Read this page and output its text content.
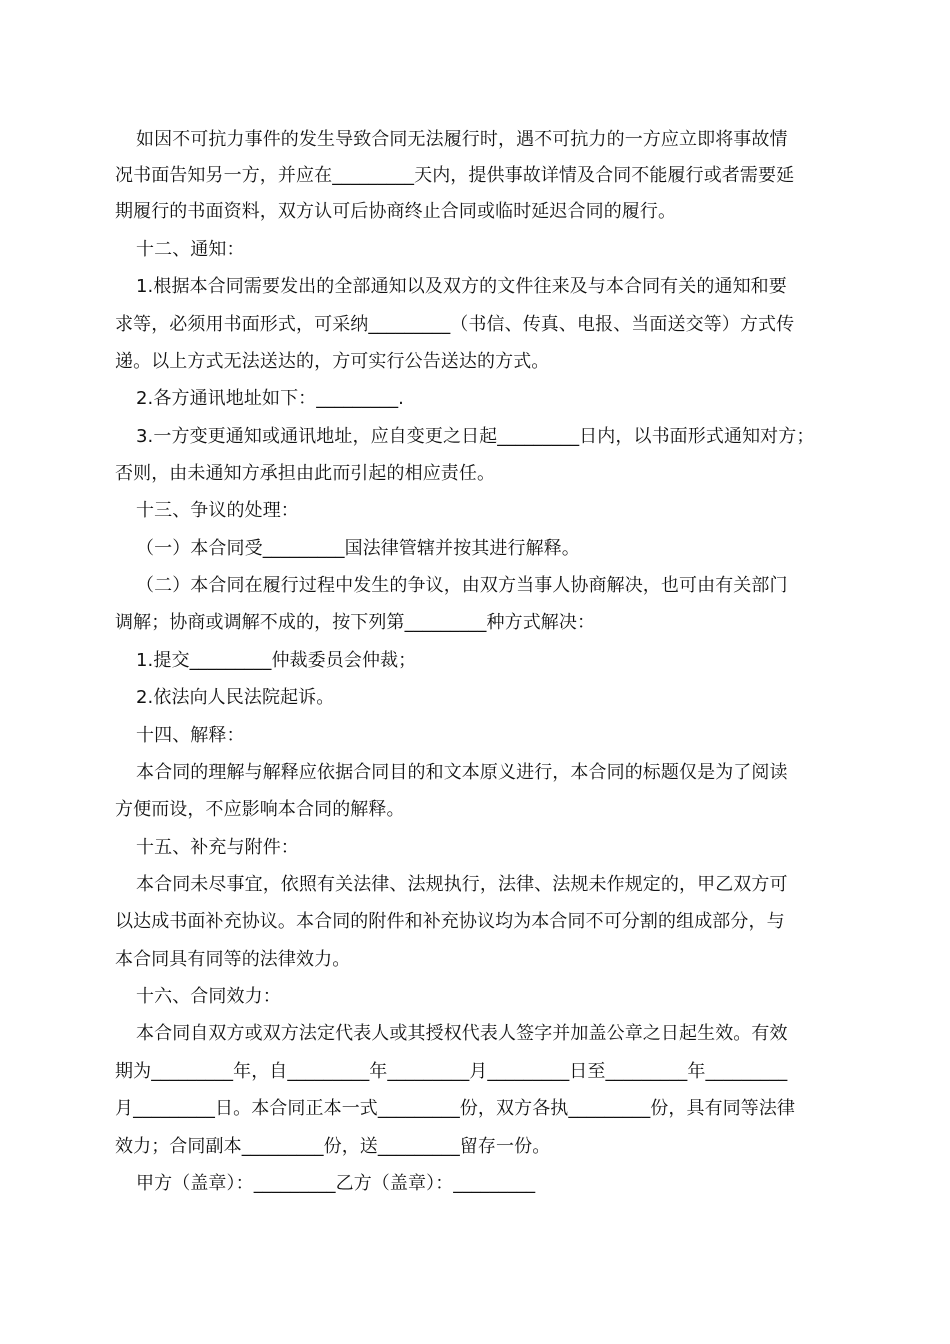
如因不可抗力事件的发生导致合同无法履行时，遇不可抗力的一方应立即将事故情
况书面告知另一方，并应在_________天内，提供事故详情及合同不能履行或者需要延
期履行的书面资料，双方认可后协商终止合同或临时延迟合同的履行。
十二、通知：
1.根据本合同需要发出的全部通知以及双方的文件往来及与本合同有关的通知和要
求等，必须用书面形式，可采纳_________（书信、传真、电报、当面送交等）方式传
递。以上方式无法送达的，方可实行公告送达的方式。
2.各方通讯地址如下：_________.
3.一方变更通知或通讯地址，应自变更之日起_________日内，以书面形式通知对方；
否则，由未通知方承担由此而引起的相应责任。
十三、争议的处理：
（一）本合同受_________国法律管辖并按其进行解释。
（二）本合同在履行过程中发生的争议，由双方当事人协商解决，也可由有关部门
调解；协商或调解不成的，按下列第_________种方式解决：
1.提交_________仲裁委员会仲裁；
2.依法向人民法院起诉。
十四、解释：
本合同的理解与解释应依据合同目的和文本原义进行，本合同的标题仅是为了阅读
方便而设，不应影响本合同的解释。
十五、补充与附件：
本合同未尽事宜，依照有关法律、法规执行，法律、法规未作规定的，甲乙双方可
以达成书面补充协议。本合同的附件和补充协议均为本合同不可分割的组成部分，与
本合同具有同等的法律效力。
十六、合同效力：
本合同自双方或双方法定代表人或其授权代表人签字并加盖公章之日起生效。有效
期为_________年，自_________年_________月_________日至_________年_________
月_________日。本合同正本一式_________份，双方各执_________份，具有同等法律
效力；合同副本_________份，送_________留存一份。
甲方（盖章）：_________乙方（盖章）：_________
